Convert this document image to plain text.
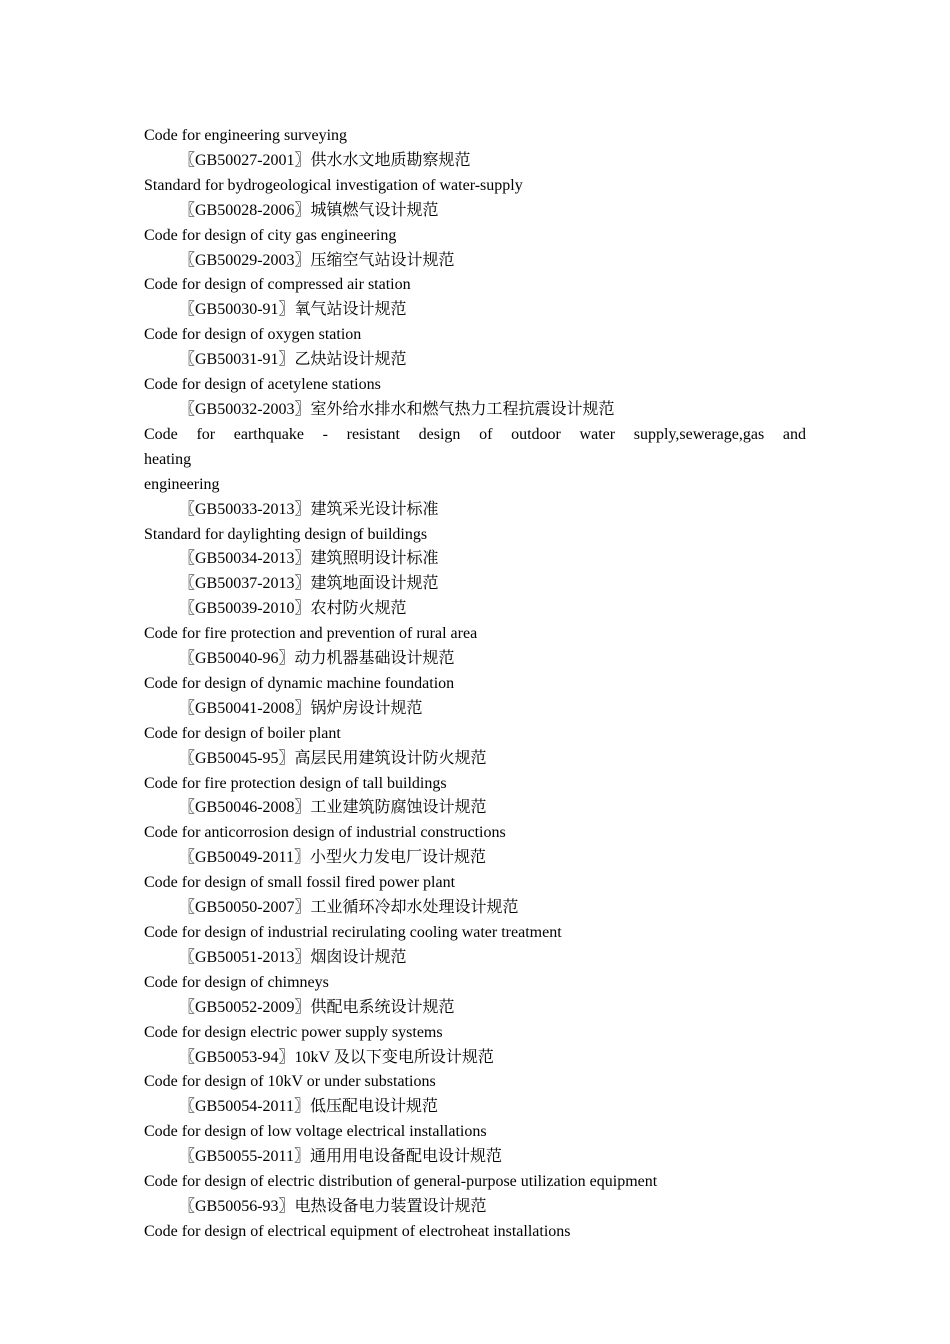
Code for engineering surveying
〖GB50027-2001〗供水水文地质勘察规范
Standard for bydrogeological investigation of water-supply
〖GB50028-2006〗城镇燃气设计规范
Code for design of city gas engineering
〖GB50029-2003〗压缩空气站设计规范
Code for design of compressed air station
〖GB50030-91〗氧气站设计规范
Code for design of oxygen station
〖GB50031-91〗乙炔站设计规范
Code for design of acetylene stations
〖GB50032-2003〗室外给水排水和燃气热力工程抗震设计规范
Code for earthquake - resistant design of outdoor water supply,sewerage,gas and heating
engineering
〖GB50033-2013〗建筑采光设计标准
Standard for daylighting design of buildings
〖GB50034-2013〗建筑照明设计标准
〖GB50037-2013〗建筑地面设计规范
〖GB50039-2010〗农村防火规范
Code for fire protection and prevention of rural area
〖GB50040-96〗动力机器基础设计规范
Code for design of dynamic machine foundation
〖GB50041-2008〗锅炉房设计规范
Code for design of boiler plant
〖GB50045-95〗高层民用建筑设计防火规范
Code for fire protection design of tall buildings
〖GB50046-2008〗工业建筑防腐蚀设计规范
Code for anticorrosion design of industrial constructions
〖GB50049-2011〗小型火力发电厂设计规范
Code for design of small fossil fired power plant
〖GB50050-2007〗工业循环冷却水处理设计规范
Code for design of industrial recirulating cooling water treatment
〖GB50051-2013〗烟囱设计规范
Code for design of chimneys
〖GB50052-2009〗供配电系统设计规范
Code for design electric power supply systems
〖GB50053-94〗10kV 及以下变电所设计规范
Code for design of 10kV or under substations
〖GB50054-2011〗低压配电设计规范
Code for design of low voltage electrical installations
〖GB50055-2011〗通用用电设备配电设计规范
Code for design of electric distribution of general-purpose utilization equipment
〖GB50056-93〗电热设备电力装置设计规范
Code for design of electrical equipment of electroheat installations
